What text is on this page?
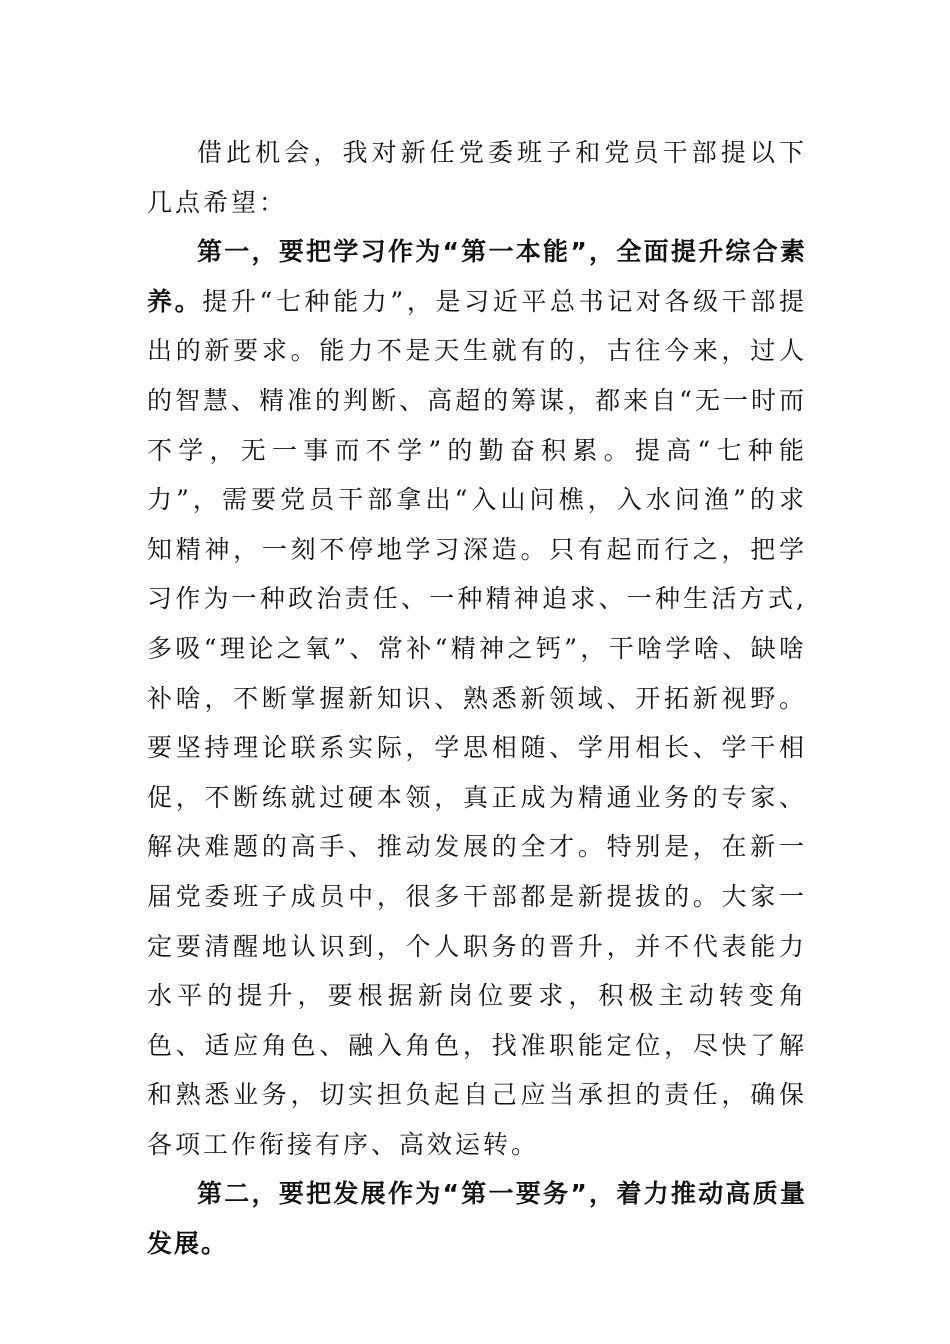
借此机会，我对新任党委班子和党员干部提以下几点希望：

第一，要把学习作为“第一本能”，全面提升综合素养。提升“七种能力”，是习近平总书记对各级干部提出的新要求。能力不是天生就有的，古往今来，过人的智慧、精准的判断、高超的筹谋，都来自“无一时而不学，无一事而不学”的勤奋积累。提高“七种能力”，需要党员干部拿出“入山问樵，入水问渔”的求知精神，一刻不停地学习深造。只有起而行之，把学习作为一种政治责任、一种精神追求、一种生活方式,多吸“理论之氧”、常补“精神之钙”，干啥学啥、缺啥补啥，不断掌握新知识、熟悉新领域、开拓新视野。要坚持理论联系实际，学思相随、学用相长、学干相促，不断练就过硬本领，真正成为精通业务的专家、解决难题的高手、推动发展的全才。特别是，在新一届党委班子成员中，很多干部都是新提拔的。大家一定要清醒地认识到，个人职务的晋升，并不代表能力水平的提升，要根据新岗位要求，积极主动转变角色、适应角色、融入角色，找准职能定位，尽快了解和熟悉业务，切实担负起自己应当承担的责任，确保各项工作衔接有序、高效运转。

第二，要把发展作为“第一要务”，着力推动高质量发展。
